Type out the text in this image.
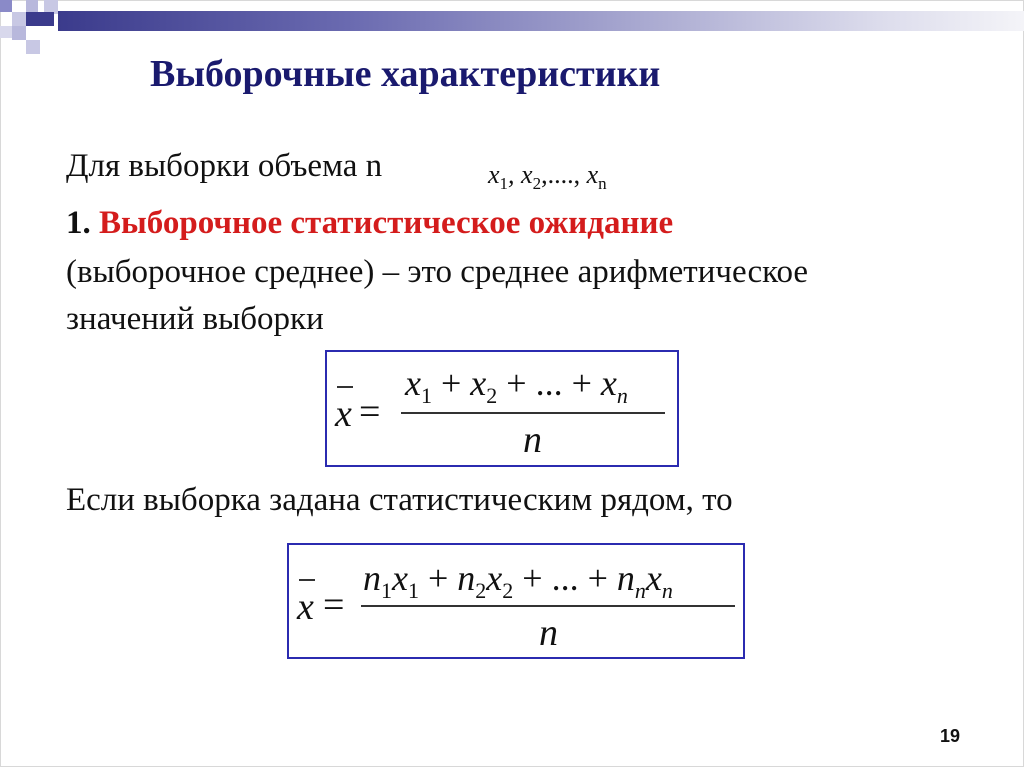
Выборочные характеристики

Для выборки объема n	$x_1$, $x_2$,...., $x_n$

1. Выборочное статистическое ожидание

(выборочное среднее) – это среднее арифметическое

значений выборки

x =
$x_1 + x_2$ + ... + $x_n$
n

Если выборка задана статистическим рядом, то

x =
$n_1x_1 + n_2x_2$ + ... + $n_nx_n$
n
19
